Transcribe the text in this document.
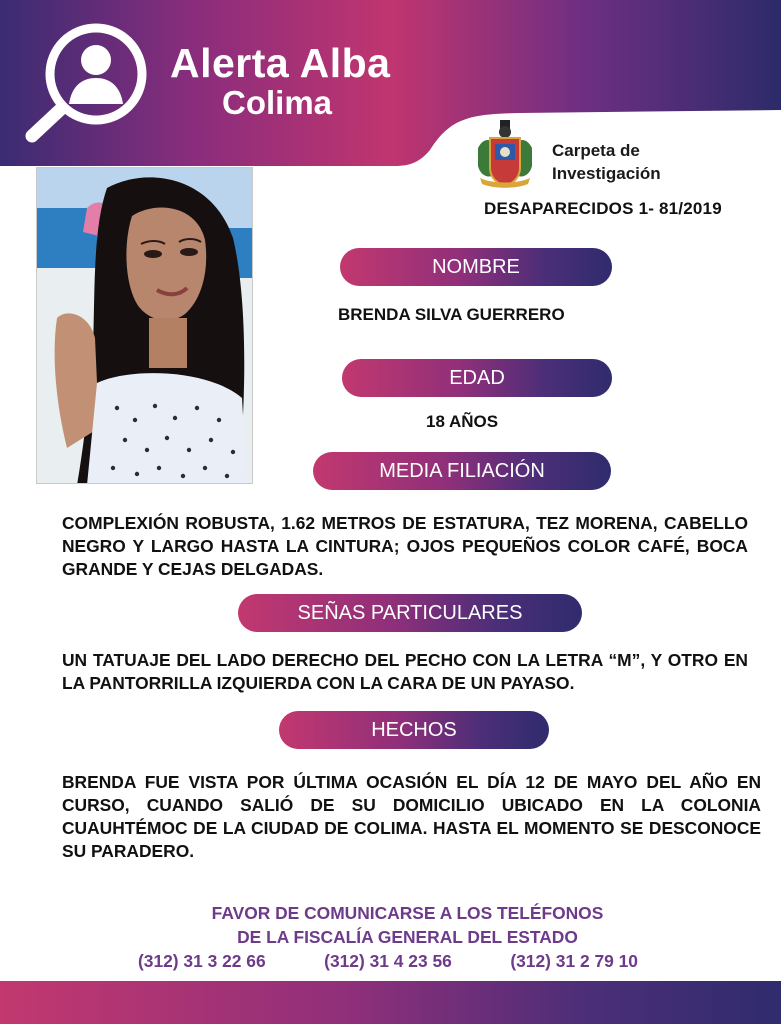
Alerta Alba
Colima
Carpeta de
Investigación
DESAPARECIDOS 1- 81/2019
NOMBRE
BRENDA SILVA GUERRERO
EDAD
18 AÑOS
MEDIA FILIACIÓN
COMPLEXIÓN ROBUSTA, 1.62 METROS DE ESTATURA, TEZ MORENA, CABELLO NEGRO Y LARGO HASTA LA CINTURA; OJOS PEQUEÑOS COLOR CAFÉ, BOCA GRANDE Y CEJAS DELGADAS.
SEÑAS PARTICULARES
UN TATUAJE DEL LADO DERECHO DEL PECHO CON LA LETRA “M”, Y OTRO EN LA PANTORRILLA IZQUIERDA CON LA CARA DE UN PAYASO.
HECHOS
BRENDA FUE VISTA POR ÚLTIMA OCASIÓN EL DÍA 12 DE MAYO DEL AÑO EN CURSO, CUANDO SALIÓ DE SU DOMICILIO UBICADO EN LA COLONIA CUAUHTÉMOC DE LA CIUDAD DE COLIMA. HASTA EL MOMENTO SE DESCONOCE SU PARADERO.
FAVOR DE COMUNICARSE A LOS TELÉFONOS
DE LA FISCALÍA GENERAL DEL ESTADO
(312) 31 3 22 66	(312) 31 4 23 56	(312) 31 2 79 10
